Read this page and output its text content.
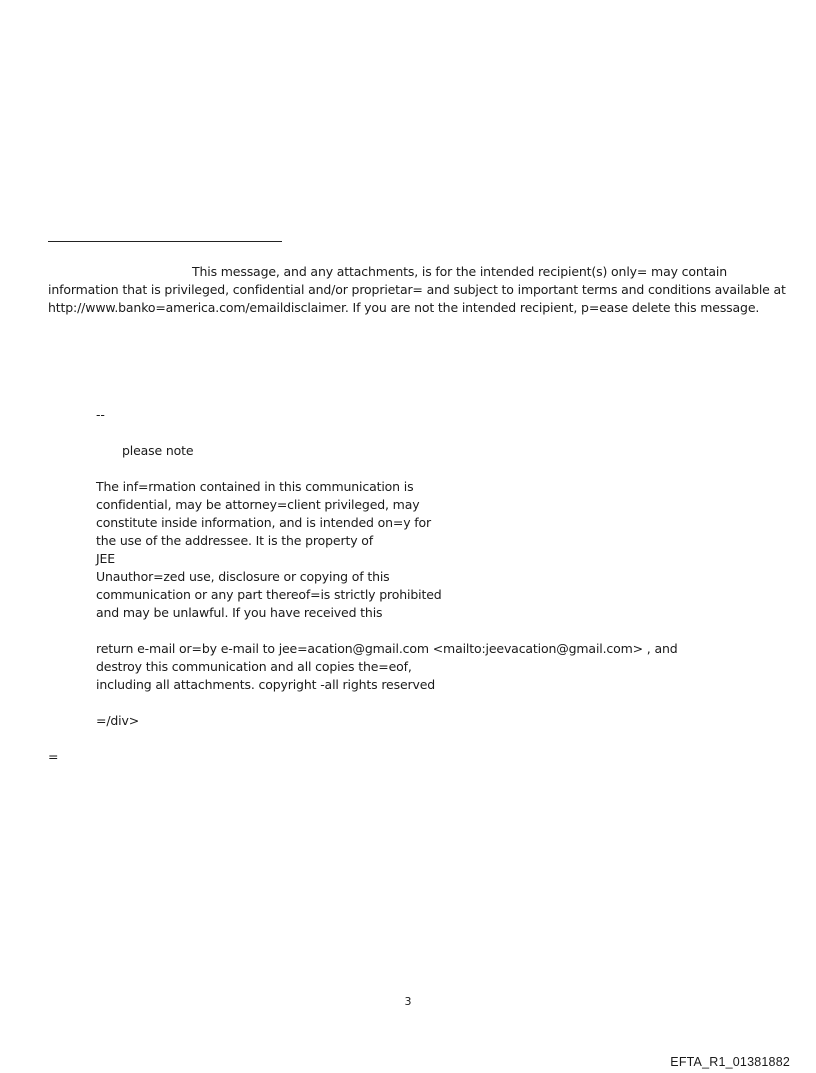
This message, and any attachments, is for the intended recipient(s) only= may contain
information that is privileged, confidential and/or proprietar= and subject to important terms and conditions available at
http://www.banko=america.com/emaildisclaimer. If you are not the intended recipient, p=ease delete this message.
--
please note
The inf=rmation contained in this communication is
confidential, may be attorney=client privileged, may
constitute inside information, and is intended on=y for
the use of the addressee. It is the property of
JEE
Unauthor=zed use, disclosure or copying of this
communication or any part thereof=is strictly prohibited
and may be unlawful. If you have received this
return e-mail or=by e-mail to jee=acation@gmail.com <mailto:jeevacation@gmail.com> , and
destroy this communication and all copies the=eof,
including all attachments. copyright -all rights reserved
=/div>
=
3
EFTA_R1_01381882
